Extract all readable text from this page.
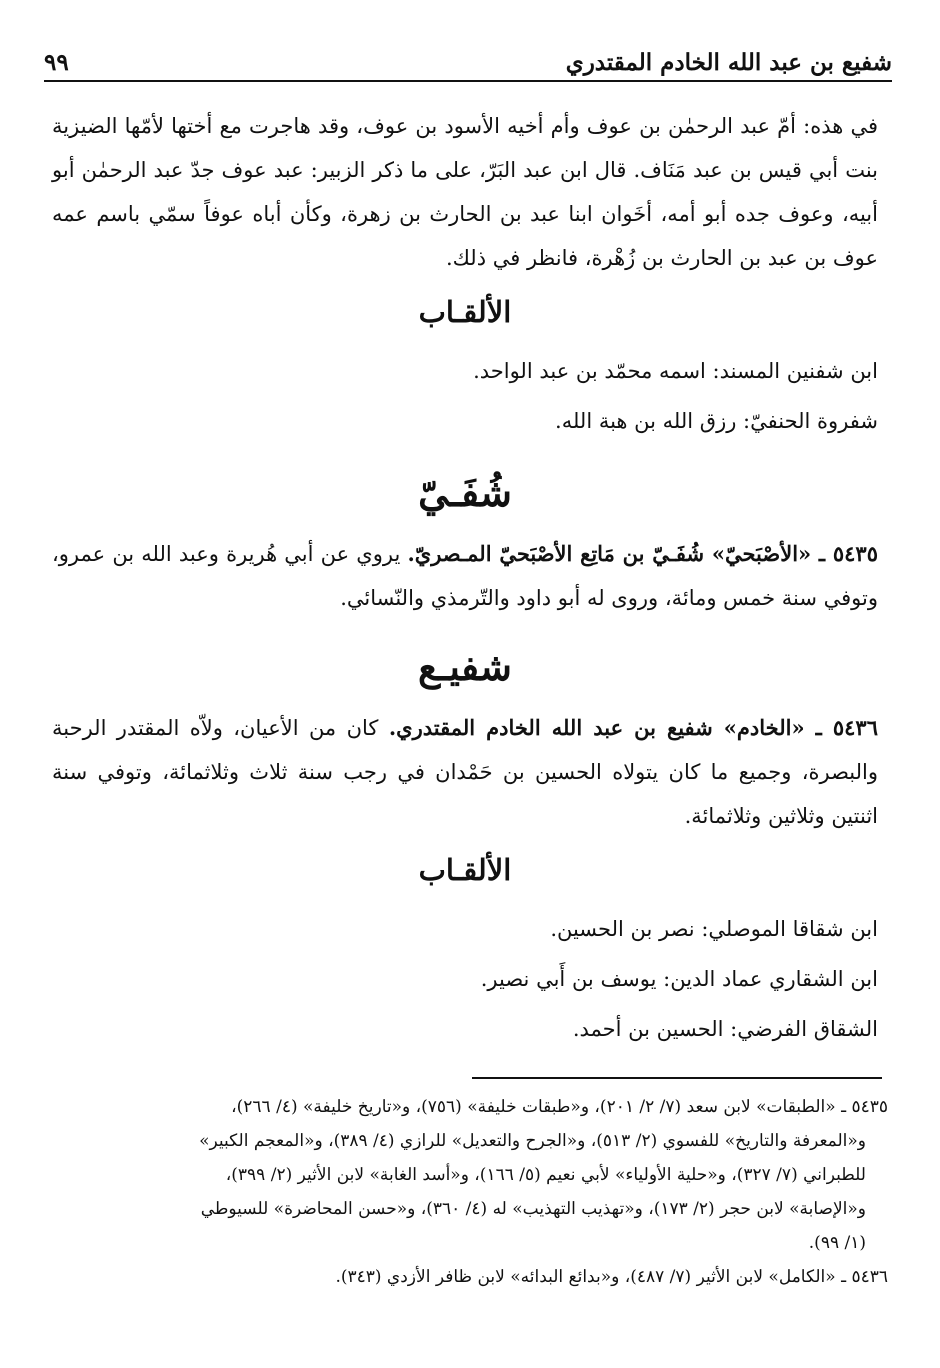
شفيع بن عبد الله الخادم المقتدري
٩٩

في هذه: أمّ عبد الرحمٰن بن عوف وأم أخيه الأسود بن عوف، وقد هاجرت مع أختها لأمّها الضيزية بنت أبي قيس بن عبد مَنَاف. قال ابن عبد البَرّ، على ما ذكر الزبير: عبد عوف جدّ عبد الرحمٰن أبو أبيه، وعوف جده أبو أمه، أخَوان ابنا عبد بن الحارث بن زهرة، وكأن أباه عوفاً سمّي باسم عمه عوف بن عبد بن الحارث بن زُهْرة، فانظر في ذلك.

الألقـاب

ابن شفنين المسند: اسمه محمّد بن عبد الواحد.

شفروة الحنفيّ: رزق الله بن هبة الله.

شُفَـيّ

٥٤٣٥ ـ «الأصْبَحيّ» شُفَـيّ بن مَاتِع الأصْبَحيّ المـصريّ. يروي عن أبي هُريرة وعبد الله بن عمرو، وتوفي سنة خمس ومائة، وروى له أبو داود والتّرمذي والنّسائي.

شفيـع

٥٤٣٦ ـ «الخادم» شفيع بن عبد الله الخادم المقتدري. كان من الأعيان، ولاّه المقتدر الرحبة والبصرة، وجميع ما كان يتولاه الحسين بن حَمْدان في رجب سنة ثلاث وثلاثمائة، وتوفي سنة اثنتين وثلاثين وثلاثمائة.

الألقـاب

ابن شقاقا الموصلي: نصر بن الحسين.

ابن الشقاري عماد الدين: يوسف بن أَبي نصير.

الشقاق الفرضي: الحسين بن أحمد.

٥٤٣٥ ـ «الطبقات» لابن سعد (٧/ ٢/ ٢٠١)، و«طبقات خليفة» (٧٥٦)، و«تاريخ خليفة» (٤/ ٢٦٦)،

و«المعرفة والتاريخ» للفسوي (٢/ ٥١٣)، و«الجرح والتعديل» للرازي (٤/ ٣٨٩)، و«المعجم الكبير»

للطبراني (٧/ ٣٢٧)، و«حلية الأولياء» لأبي نعيم (٥/ ١٦٦)، و«أسد الغابة» لابن الأثير (٢/ ٣٩٩)،

و«الإصابة» لابن حجر (٢/ ١٧٣)، و«تهذيب التهذيب» له (٤/ ٣٦٠)، و«حسن المحاضرة» للسيوطي

(١/ ٩٩).

٥٤٣٦ ـ «الكامل» لابن الأثير (٧/ ٤٨٧)، و«بدائع البدائه» لابن ظافر الأزدي (٣٤٣).
